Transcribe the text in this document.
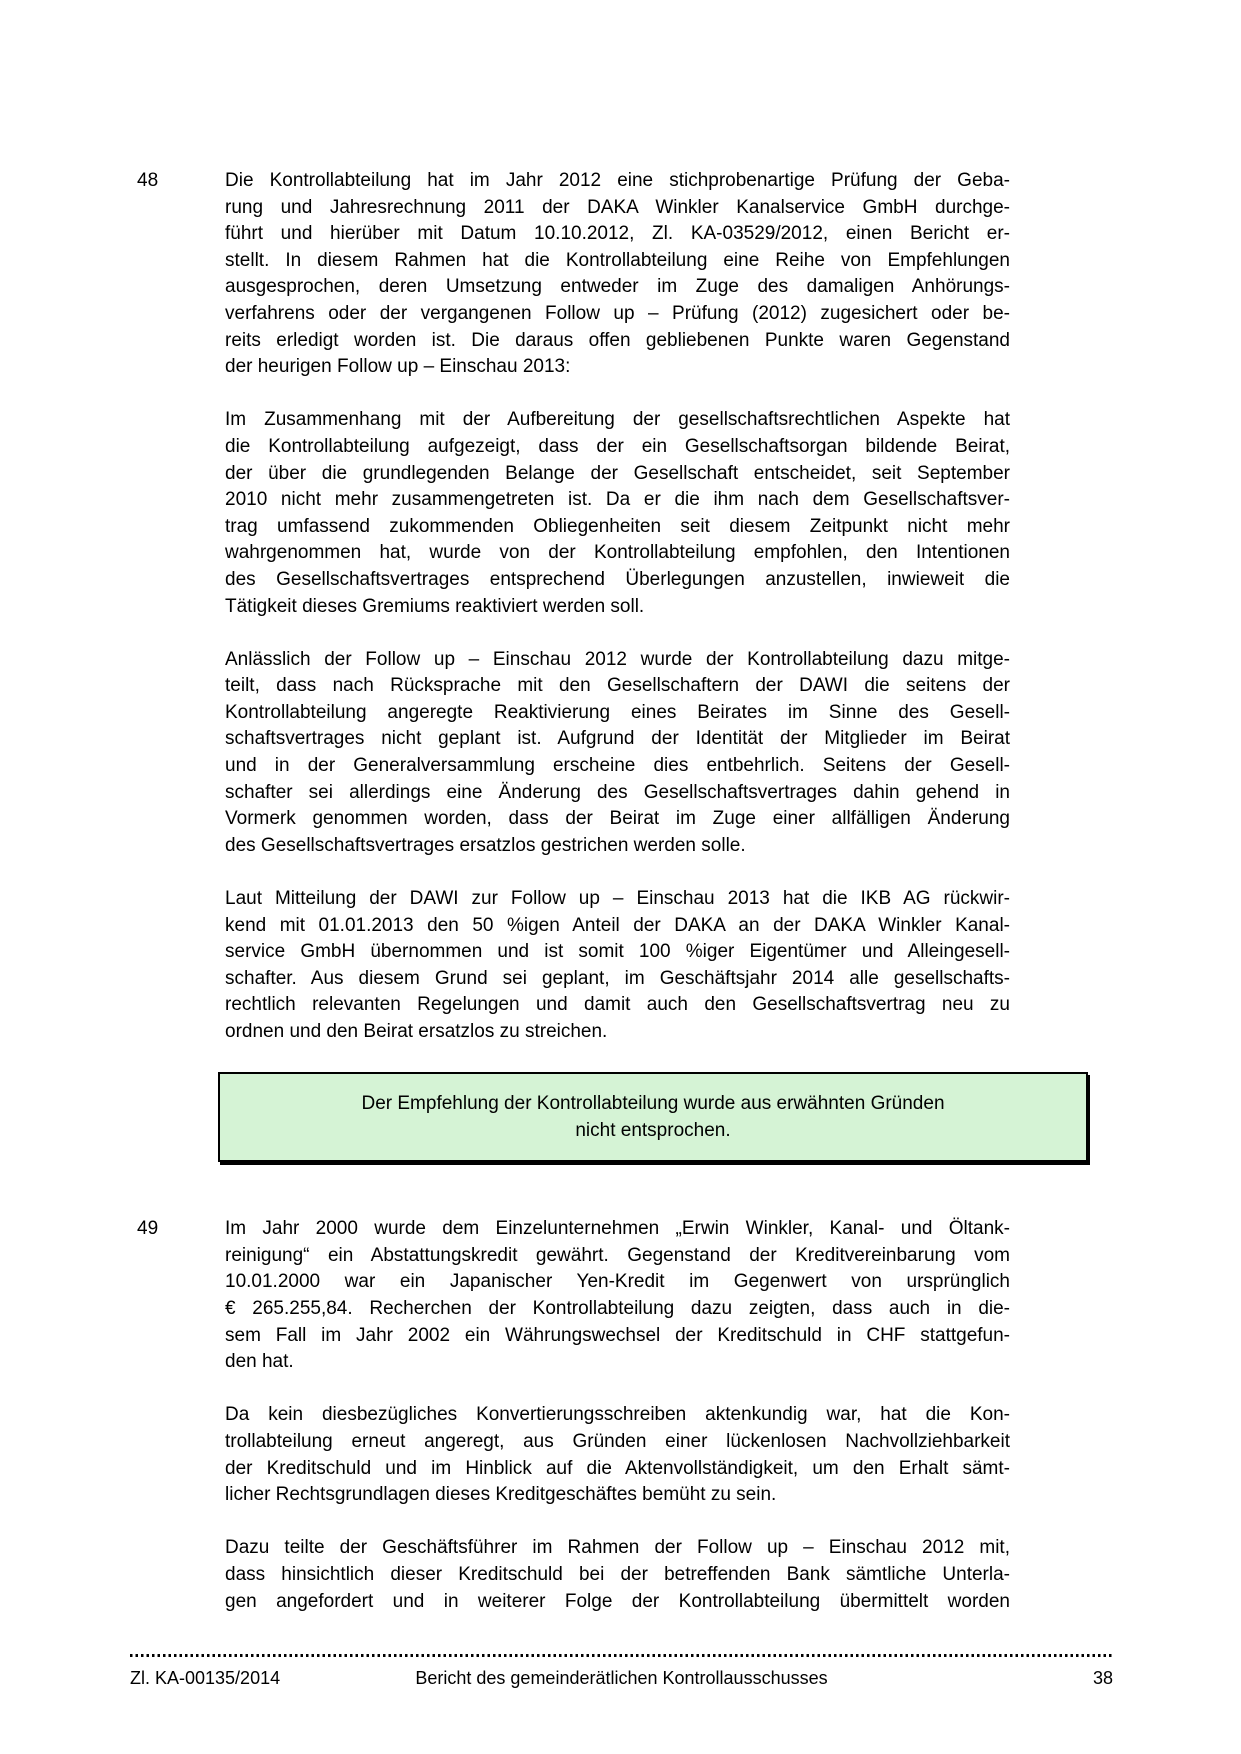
48	Die Kontrollabteilung hat im Jahr 2012 eine stichprobenartige Prüfung der Geba-
rung und Jahresrechnung 2011 der DAKA Winkler Kanalservice GmbH durchge-
führt und hierüber mit Datum 10.10.2012, Zl. KA-03529/2012, einen Bericht er-
stellt. In diesem Rahmen hat die Kontrollabteilung eine Reihe von Empfehlungen
ausgesprochen, deren Umsetzung entweder im Zuge des damaligen Anhörungs-
verfahrens oder der vergangenen Follow up – Prüfung (2012) zugesichert oder be-
reits erledigt worden ist. Die daraus offen gebliebenen Punkte waren Gegenstand
der heurigen Follow up – Einschau 2013:
Im Zusammenhang mit der Aufbereitung der gesellschaftsrechtlichen Aspekte hat
die Kontrollabteilung aufgezeigt, dass der ein Gesellschaftsorgan bildende Beirat,
der über die grundlegenden Belange der Gesellschaft entscheidet, seit September
2010 nicht mehr zusammengetreten ist. Da er die ihm nach dem Gesellschaftsver-
trag umfassend zukommenden Obliegenheiten seit diesem Zeitpunkt nicht mehr
wahrgenommen hat, wurde von der Kontrollabteilung empfohlen, den Intentionen
des Gesellschaftsvertrages entsprechend Überlegungen anzustellen, inwieweit die
Tätigkeit dieses Gremiums reaktiviert werden soll.
Anlässlich der Follow up – Einschau 2012 wurde der Kontrollabteilung dazu mitge-
teilt, dass nach Rücksprache mit den Gesellschaftern der DAWI die seitens der
Kontrollabteilung angeregte Reaktivierung eines Beirates im Sinne des Gesell-
schaftsvertrages nicht geplant ist. Aufgrund der Identität der Mitglieder im Beirat
und in der Generalversammlung erscheine dies entbehrlich. Seitens der Gesell-
schafter sei allerdings eine Änderung des Gesellschaftsvertrages dahin gehend in
Vormerk genommen worden, dass der Beirat im Zuge einer allfälligen Änderung
des Gesellschaftsvertrages ersatzlos gestrichen werden solle.
Laut Mitteilung der DAWI zur Follow up – Einschau 2013 hat die IKB AG rückwir-
kend mit 01.01.2013 den 50 %igen Anteil der DAKA an der DAKA Winkler Kanal-
service GmbH übernommen und ist somit 100 %iger Eigentümer und Alleingesell-
schafter. Aus diesem Grund sei geplant, im Geschäftsjahr 2014 alle gesellschafts-
rechtlich relevanten Regelungen und damit auch den Gesellschaftsvertrag neu zu
ordnen und den Beirat ersatzlos zu streichen.
Der Empfehlung der Kontrollabteilung wurde aus erwähnten Gründen
nicht entsprochen.
49	Im Jahr 2000 wurde dem Einzelunternehmen „Erwin Winkler, Kanal- und Öltank-
reinigung“ ein Abstattungskredit gewährt. Gegenstand der Kreditvereinbarung vom
10.01.2000 war ein Japanischer Yen-Kredit im Gegenwert von ursprünglich
€ 265.255,84. Recherchen der Kontrollabteilung dazu zeigten, dass auch in die-
sem Fall im Jahr 2002 ein Währungswechsel der Kreditschuld in CHF stattgefun-
den hat.
Da kein diesbezügliches Konvertierungsschreiben aktenkundig war, hat die Kon-
trollabteilung erneut angeregt, aus Gründen einer lückenlosen Nachvollziehbarkeit
der Kreditschuld und im Hinblick auf die Aktenvollständigkeit, um den Erhalt sämt-
licher Rechtsgrundlagen dieses Kreditgeschäftes bemüht zu sein.
Dazu teilte der Geschäftsführer im Rahmen der Follow up – Einschau 2012 mit,
dass hinsichtlich dieser Kreditschuld bei der betreffenden Bank sämtliche Unterla-
gen angefordert und in weiterer Folge der Kontrollabteilung übermittelt worden
Zl. KA-00135/2014	Bericht des gemeinderätlichen Kontrollausschusses	38
